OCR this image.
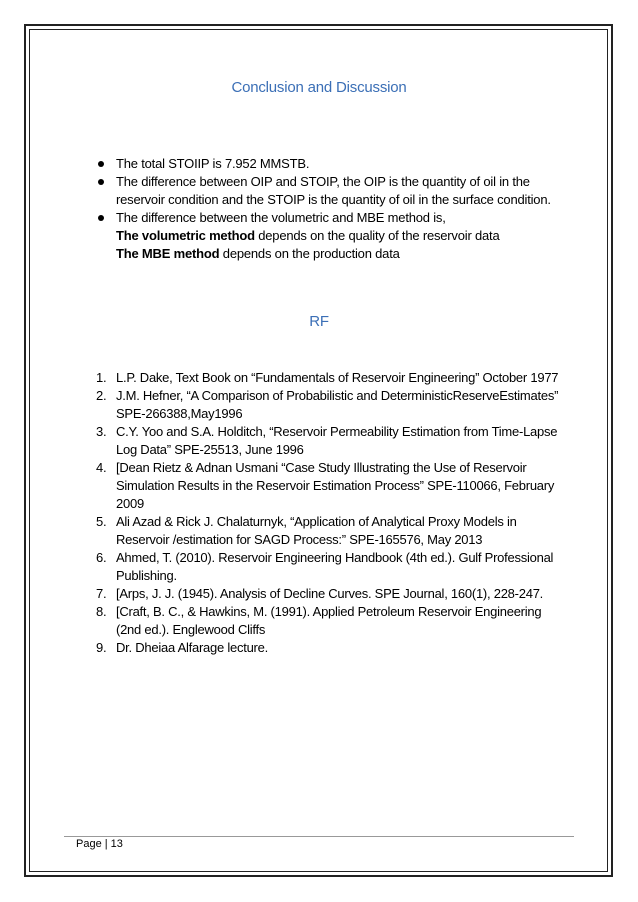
Conclusion and Discussion
The total STOIIP is 7.952 MMSTB.
The difference between OIP and STOIP, the OIP is the quantity of oil in the reservoir condition and the STOIP is the quantity of oil in the surface condition.
The difference between the volumetric and MBE method is,
The volumetric method depends on the quality of the reservoir data
The MBE method depends on the production data
RF
1. L.P. Dake, Text Book on “Fundamentals of Reservoir Engineering” October 1977
2. J.M. Hefner, “A Comparison of Probabilistic and DeterministicReserveEstimates” SPE-266388,May1996
3. C.Y. Yoo and S.A. Holditch, “Reservoir Permeability Estimation from Time-Lapse Log Data” SPE-25513, June 1996
4. [Dean Rietz & Adnan Usmani “Case Study Illustrating the Use of Reservoir Simulation Results in the Reservoir Estimation Process” SPE-110066, February 2009
5. Ali Azad & Rick J. Chalaturnyk, “Application of Analytical Proxy Models in Reservoir /estimation for SAGD Process:” SPE-165576, May 2013
6. Ahmed, T. (2010). Reservoir Engineering Handbook (4th ed.). Gulf Professional Publishing.
7. [Arps, J. J. (1945). Analysis of Decline Curves. SPE Journal, 160(1), 228-247.
8. [Craft, B. C., & Hawkins, M. (1991). Applied Petroleum Reservoir Engineering (2nd ed.). Englewood Cliffs
9. Dr. Dheiaa Alfarage lecture.
Page | 13
